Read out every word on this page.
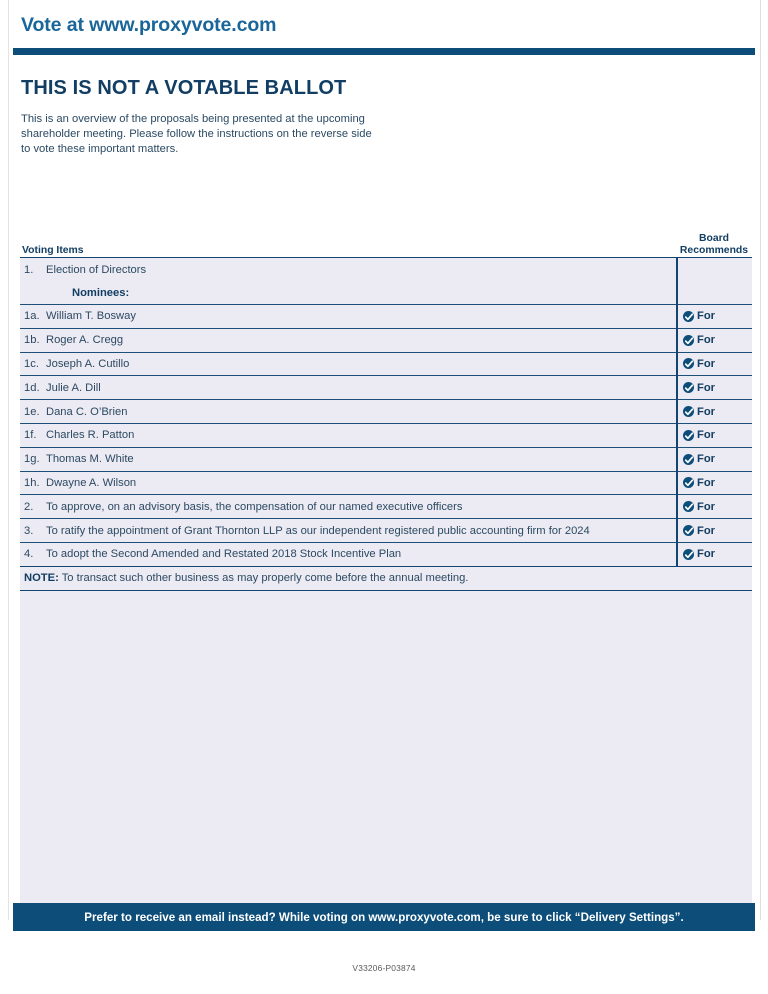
Vote at www.proxyvote.com
THIS IS NOT A VOTABLE BALLOT
This is an overview of the proposals being presented at the upcoming shareholder meeting. Please follow the instructions on the reverse side to vote these important matters.
Voting Items
Board
Recommends
1.	Election of Directors
Nominees:
1a. William T. Bosway	For
1b. Roger A. Cregg	For
1c. Joseph A. Cutillo	For
1d. Julie A. Dill	For
1e. Dana C. O’Brien	For
1f. Charles R. Patton	For
1g. Thomas M. White	For
1h. Dwayne A. Wilson	For
2.	To approve, on an advisory basis, the compensation of our named executive officers	For
3.	To ratify the appointment of Grant Thornton LLP as our independent registered public accounting firm for 2024	For
4.	To adopt the Second Amended and Restated 2018 Stock Incentive Plan	For
NOTE: To transact such other business as may properly come before the annual meeting.
Prefer to receive an email instead? While voting on www.proxyvote.com, be sure to click “Delivery Settings”.
V33206-P03874
